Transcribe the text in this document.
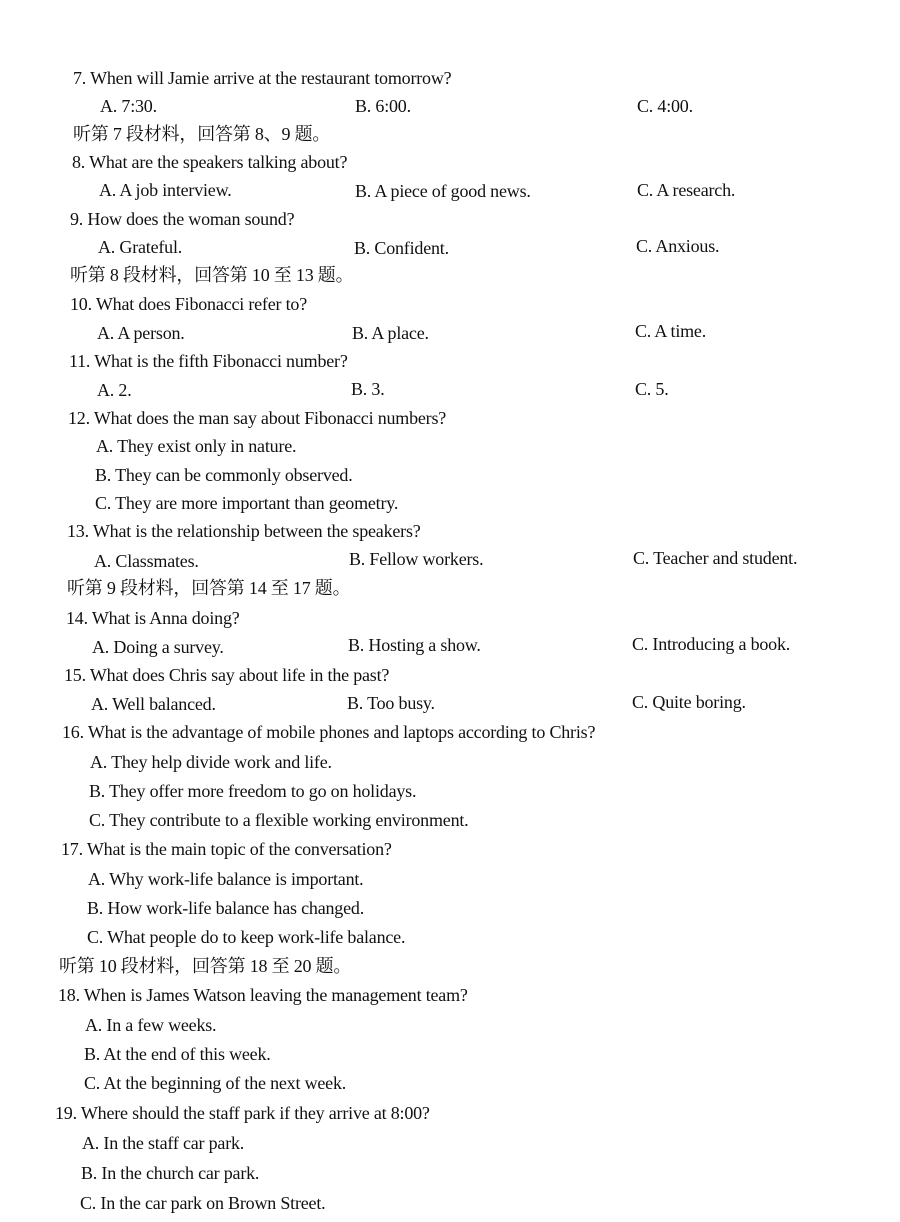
7. When will Jamie arrive at the restaurant tomorrow?
A. 7:30.	B. 6:00.	C. 4:00.
听第 7 段材料，回答第 8、9 题。
8. What are the speakers talking about?
A. A job interview.	B. A piece of good news.	C. A research.
9. How does the woman sound?
A. Grateful.	B. Confident.	C. Anxious.
听第 8 段材料，回答第 10 至 13 题。
10. What does Fibonacci refer to?
A. A person.	B. A place.	C. A time.
11. What is the fifth Fibonacci number?
A. 2.	B. 3.	C. 5.
12. What does the man say about Fibonacci numbers?
A. They exist only in nature.
B. They can be commonly observed.
C. They are more important than geometry.
13. What is the relationship between the speakers?
A. Classmates.	B. Fellow workers.	C. Teacher and student.
听第 9 段材料，回答第 14 至 17 题。
14. What is Anna doing?
A. Doing a survey.	B. Hosting a show.	C. Introducing a book.
15. What does Chris say about life in the past?
A. Well balanced.	B. Too busy.	C. Quite boring.
16. What is the advantage of mobile phones and laptops according to Chris?
A. They help divide work and life.
B. They offer more freedom to go on holidays.
C. They contribute to a flexible working environment.
17. What is the main topic of the conversation?
A. Why work-life balance is important.
B. How work-life balance has changed.
C. What people do to keep work-life balance.
听第 10 段材料，回答第 18 至 20 题。
18. When is James Watson leaving the management team?
A. In a few weeks.
B. At the end of this week.
C. At the beginning of the next week.
19. Where should the staff park if they arrive at 8:00?
A. In the staff car park.
B. In the church car park.
C. In the car park on Brown Street.
